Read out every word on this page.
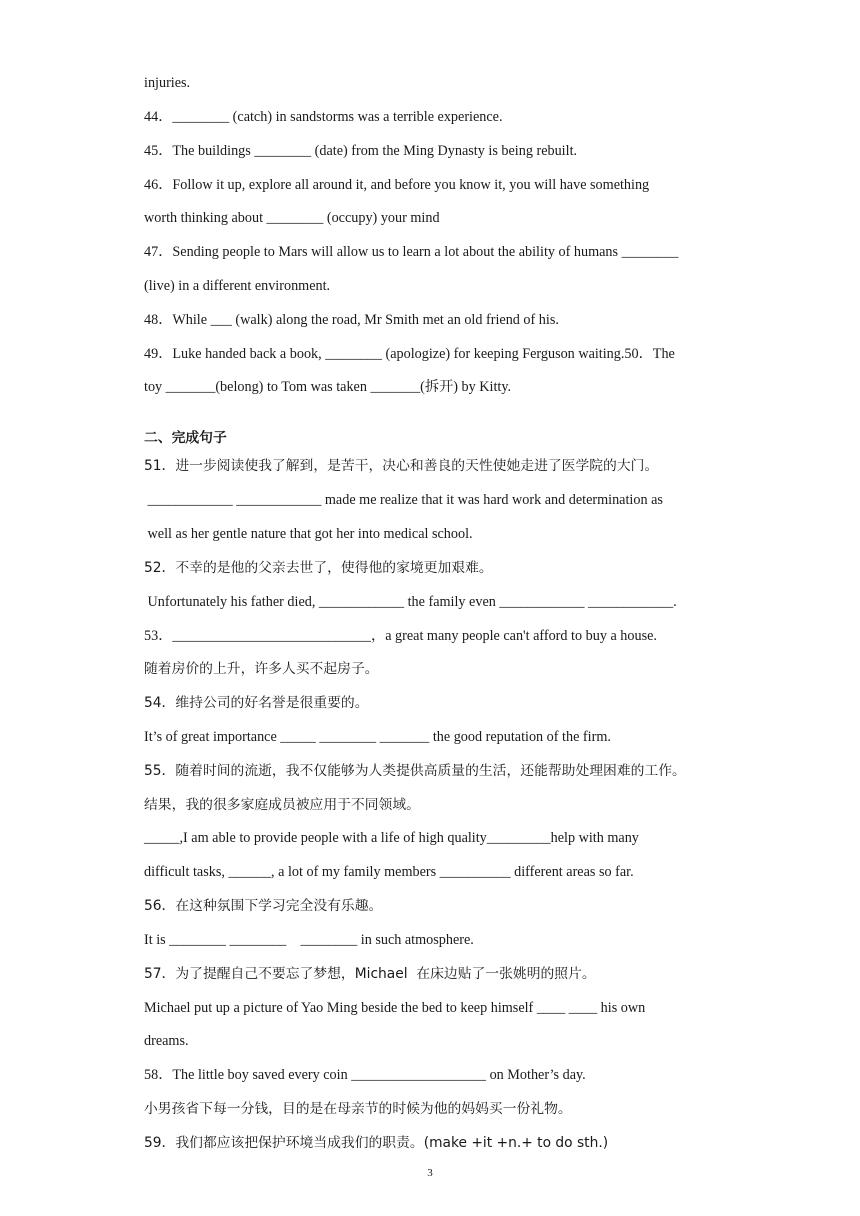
injuries.
44．________ (catch) in sandstorms was a terrible experience.
45．The buildings ________ (date) from the Ming Dynasty is being rebuilt.
46．Follow it up, explore all around it, and before you know it, you will have something
worth thinking about ________ (occupy) your mind
47．Sending people to Mars will allow us to learn a lot about the ability of humans ________
(live) in a different environment.
48．While ___ (walk) along the road, Mr Smith met an old friend of his.
49．Luke handed back a book, ________ (apologize) for keeping Ferguson waiting.50．The
toy _______(belong) to Tom was taken _______(拆开) by Kitty.
二、完成句子
51．进一步阅读使我了解到，是苦干，决心和善良的天性使她走进了医学院的大门。
____________ ____________ made me realize that it was hard work and determination as
well as her gentle nature that got her into medical school.
52．不幸的是他的父亲去世了，使得他的家境更加艰难。
Unfortunately his father died, ____________ the family even ____________ ____________.
53．____________________________，a great many people can't afford to buy a house.
随着房价的上升，许多人买不起房子。
54．维持公司的好名誉是很重要的。
It’s of great importance _____ ________ _______ the good reputation of the firm.
55．随着时间的流逝，我不仅能够为人类提供高质量的生活，还能帮助处理困难的工作。
结果，我的很多家庭成员被应用于不同领域。
_____,I am able to provide people with a life of high quality_________help with many
difficult tasks, ______, a lot of my family members __________ different areas so far.
56．在这种氛围下学习完全没有乐趣。
It is ________ ________    ________ in such atmosphere.
57．为了提醒自己不要忘了梦想，Michael  在床边贴了一张姚明的照片。
Michael put up a picture of Yao Ming beside the bed to keep himself ____ ____ his own
dreams.
58．The little boy saved every coin ___________________ on Mother’s day.
小男孩省下每一分钱，目的是在母亲节的时候为他的妈妈买一份礼物。
59．我们都应该把保护环境当成我们的职责。(make +it +n.+ to do sth.)
3
